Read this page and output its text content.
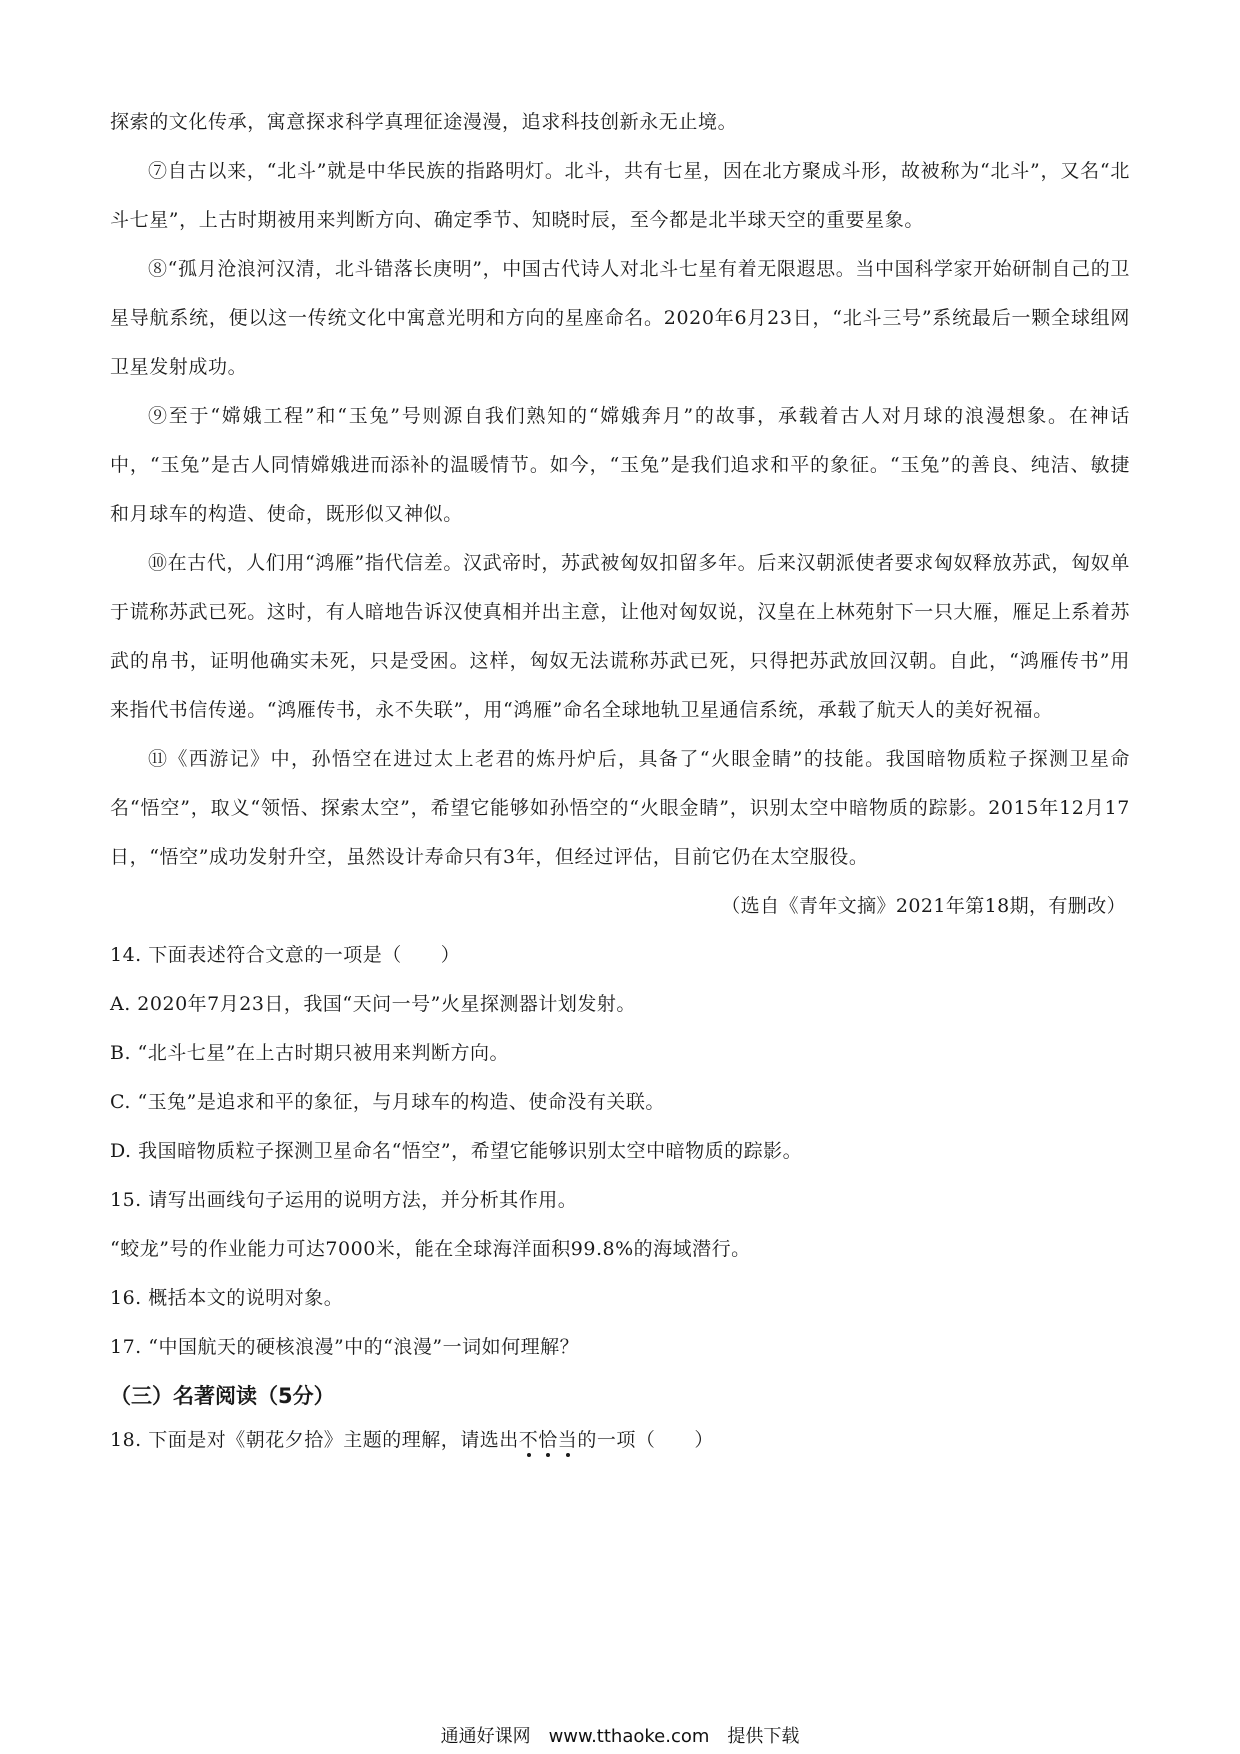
探索的文化传承，寓意探求科学真理征途漫漫，追求科技创新永无止境。

⑦自古以来，“北斗”就是中华民族的指路明灯。北斗，共有七星，因在北方聚成斗形，故被称为“北斗”，又名“北斗七星”，上古时期被用来判断方向、确定季节、知晓时辰，至今都是北半球天空的重要星象。

⑧“孤月沧浪河汉清，北斗错落长庚明”，中国古代诗人对北斗七星有着无限遐思。当中国科学家开始研制自己的卫星导航系统，便以这一传统文化中寓意光明和方向的星座命名。2020年6月23日，“北斗三号”系统最后一颗全球组网卫星发射成功。

⑨至于“嫦娥工程”和“玉兔”号则源自我们熟知的“嫦娥奔月”的故事，承载着古人对月球的浪漫想象。在神话中，“玉兔”是古人同情嫦娥进而添补的温暖情节。如今，“玉兔”是我们追求和平的象征。“玉兔”的善良、纯洁、敏捷和月球车的构造、使命，既形似又神似。

⑩在古代，人们用“鸿雁”指代信差。汉武帝时，苏武被匈奴扣留多年。后来汉朝派使者要求匈奴释放苏武，匈奴单于谎称苏武已死。这时，有人暗地告诉汉使真相并出主意，让他对匈奴说，汉皇在上林苑射下一只大雁，雁足上系着苏武的帛书，证明他确实未死，只是受困。这样，匈奴无法谎称苏武已死，只得把苏武放回汉朝。自此，“鸿雁传书”用来指代书信传递。“鸿雁传书，永不失联”，用“鸿雁”命名全球地轨卫星通信系统，承载了航天人的美好祝福。

⑪《西游记》中，孙悟空在进过太上老君的炼丹炉后，具备了“火眼金睛”的技能。我国暗物质粒子探测卫星命名“悟空”，取义“领悟、探索太空”，希望它能够如孙悟空的“火眼金睛”，识别太空中暗物质的踪影。2015年12月17日，“悟空”成功发射升空，虽然设计寿命只有3年，但经过评估，目前它仍在太空服役。

（选自《青年文摘》2021年第18期，有删改）

14. 下面表述符合文意的一项是（　　）

A. 2020年7月23日，我国“天问一号”火星探测器计划发射。

B. “北斗七星”在上古时期只被用来判断方向。

C. “玉兔”是追求和平的象征，与月球车的构造、使命没有关联。

D. 我国暗物质粒子探测卫星命名“悟空”，希望它能够识别太空中暗物质的踪影。

15. 请写出画线句子运用的说明方法，并分析其作用。

“蛟龙”号的作业能力可达7000米，能在全球海洋面积99.8%的海域潜行。

16. 概括本文的说明对象。

17. “中国航天的硬核浪漫”中的“浪漫”一词如何理解？

（三）名著阅读（5分）

18. 下面是对《朝花夕拾》主题的理解，请选出不恰当的一项（　　）

通通好课网　www.tthaoke.com　提供下载
